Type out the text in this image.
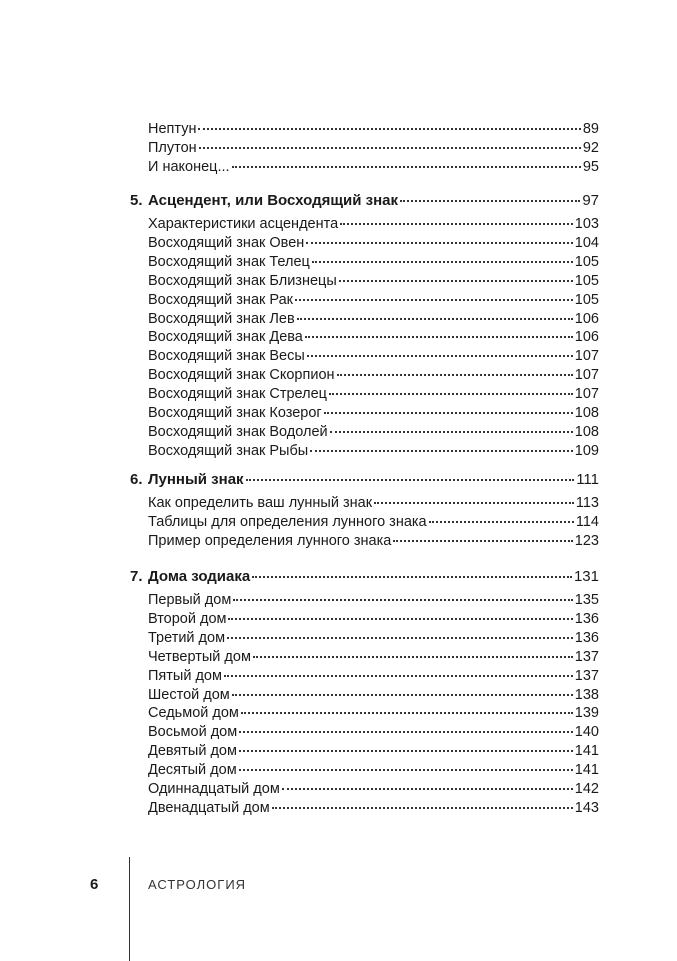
Нептун	89
Плутон	92
И наконец...	95
5. Асцендент, или Восходящий знак	97
Характеристики асцендента	103
Восходящий знак Овен	104
Восходящий знак Телец	105
Восходящий знак Близнецы	105
Восходящий знак Рак	105
Восходящий знак Лев	106
Восходящий знак Дева	106
Восходящий знак Весы	107
Восходящий знак Скорпион	107
Восходящий знак Стрелец	107
Восходящий знак Козерог	108
Восходящий знак Водолей	108
Восходящий знак Рыбы	109
6. Лунный знак	111
Как определить ваш лунный знак	113
Таблицы для определения лунного знака	114
Пример определения лунного знака	123
7. Дома зодиака	131
Первый дом	135
Второй дом	136
Третий дом	136
Четвертый дом	137
Пятый дом	137
Шестой дом	138
Седьмой дом	139
Восьмой дом	140
Девятый дом	141
Десятый дом	141
Одиннадцатый дом	142
Двенадцатый дом	143
6	АСТРОЛОГИЯ
